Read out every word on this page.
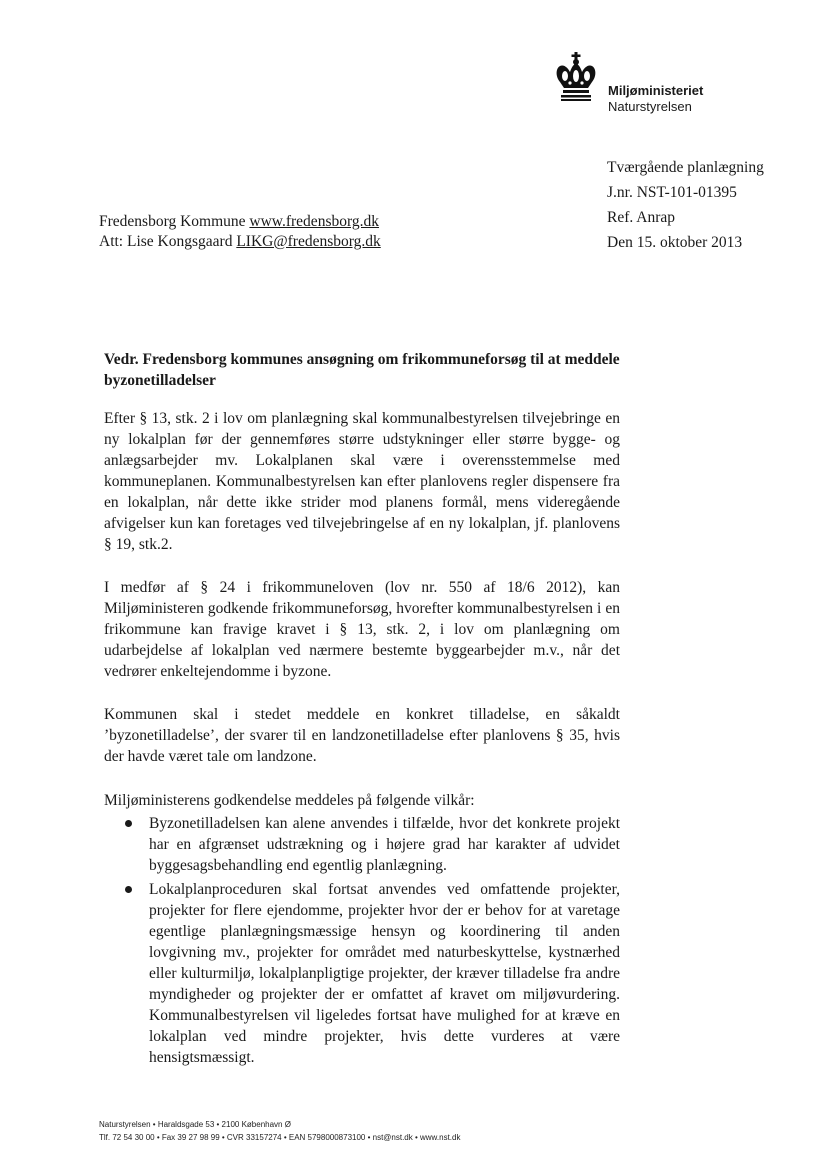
Miljøministeriet
Naturstyrelsen
Tværgående planlægning
J.nr. NST-101-01395
Ref. Anrap
Den 15. oktober 2013
Fredensborg Kommune www.fredensborg.dk
Att: Lise Kongsgaard LIKG@fredensborg.dk
Vedr. Fredensborg kommunes ansøgning om frikommuneforsøg til at meddele byzonetilladelser

Efter § 13, stk. 2 i lov om planlægning skal kommunalbestyrelsen tilvejebringe en ny lokalplan før der gennemføres større udstykninger eller større bygge- og anlægsarbejder mv. Lokalplanen skal være i overensstemmelse med kommuneplanen. Kommunalbestyrelsen kan efter planlovens regler dispensere fra en lokalplan, når dette ikke strider mod planens formål, mens videregående afvigelser kun kan foretages ved tilvejebringelse af en ny lokalplan, jf. planlovens § 19, stk.2.

I medfør af § 24 i frikommuneloven (lov nr. 550 af 18/6 2012), kan Miljøministeren godkende frikommuneforsøg, hvorefter kommunalbestyrelsen i en frikommune kan fravige kravet i § 13, stk. 2, i lov om planlægning om udarbejdelse af lokalplan ved nærmere bestemte byggearbejder m.v., når det vedrører enkeltejendomme i byzone.

Kommunen skal i stedet meddele en konkret tilladelse, en såkaldt ’byzonetilladelse’, der svarer til en landzonetilladelse efter planlovens § 35, hvis der havde været tale om landzone.

Miljøministerens godkendelse meddeles på følgende vilkår:

Byzonetilladelsen kan alene anvendes i tilfælde, hvor det konkrete projekt har en afgrænset udstrækning og i højere grad har karakter af udvidet byggesagsbehandling end egentlig planlægning.
Lokalplanproceduren skal fortsat anvendes ved omfattende projekter, projekter for flere ejendomme, projekter hvor der er behov for at varetage egentlige planlægningsmæssige hensyn og koordinering til anden lovgivning mv., projekter for området med naturbeskyttelse, kystnærhed eller kulturmiljø, lokalplanpligtige projekter, der kræver tilladelse fra andre myndigheder og projekter der er omfattet af kravet om miljøvurdering. Kommunalbestyrelsen vil ligeledes fortsat have mulighed for at kræve en lokalplan ved mindre projekter, hvis dette vurderes at være hensigtsmæssigt.
Naturstyrelsen • Haraldsgade 53 • 2100 København Ø
Tlf. 72 54 30 00 • Fax 39 27 98 99 • CVR 33157274 • EAN 5798000873100 • nst@nst.dk • www.nst.dk
